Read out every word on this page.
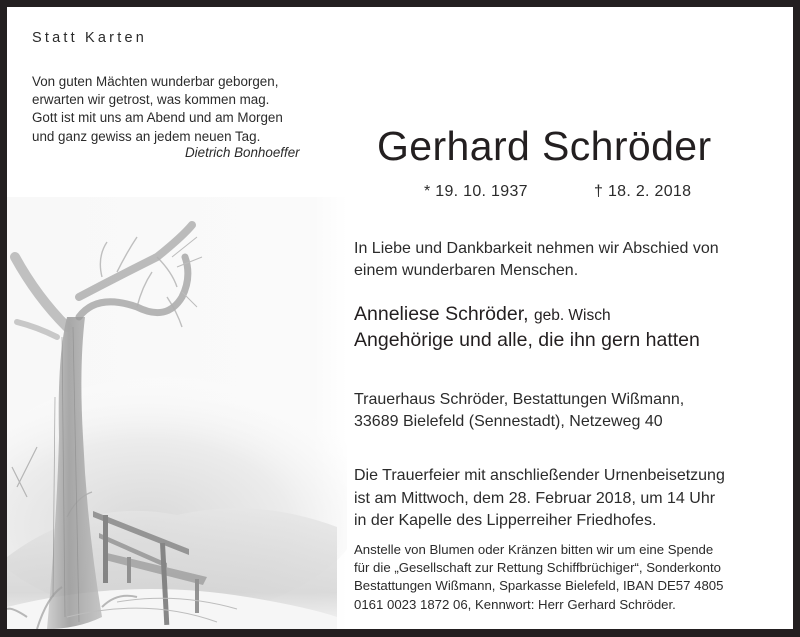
Statt Karten
Von guten Mächten wunderbar geborgen,
erwarten wir getrost, was kommen mag.
Gott ist mit uns am Abend und am Morgen
und ganz gewiss an jedem neuen Tag.
Dietrich Bonhoeffer Gerhard Schröder
* 19. 10. 1937	† 18. 2. 2018
In Liebe und Dankbarkeit nehmen wir Abschied von
einem wunderbaren Menschen.
Anneliese Schröder, geb. Wisch
Angehörige und alle, die ihn gern hatten
Trauerhaus Schröder, Bestattungen Wißmann,
33689 Bielefeld (Sennestadt), Netzeweg 40
Die Trauerfeier mit anschließender Urnenbeisetzung
ist am Mittwoch, dem 28. Februar 2018, um 14 Uhr
in der Kapelle des Lipperreiher Friedhofes.
Anstelle von Blumen oder Kränzen bitten wir um eine Spende
für die „Gesellschaft zur Rettung Schiffbrüchiger“, Sonderkonto
Bestattungen Wißmann, Sparkasse Bielefeld, IBAN DE57 4805
0161 0023 1872 06, Kennwort: Herr Gerhard Schröder.
